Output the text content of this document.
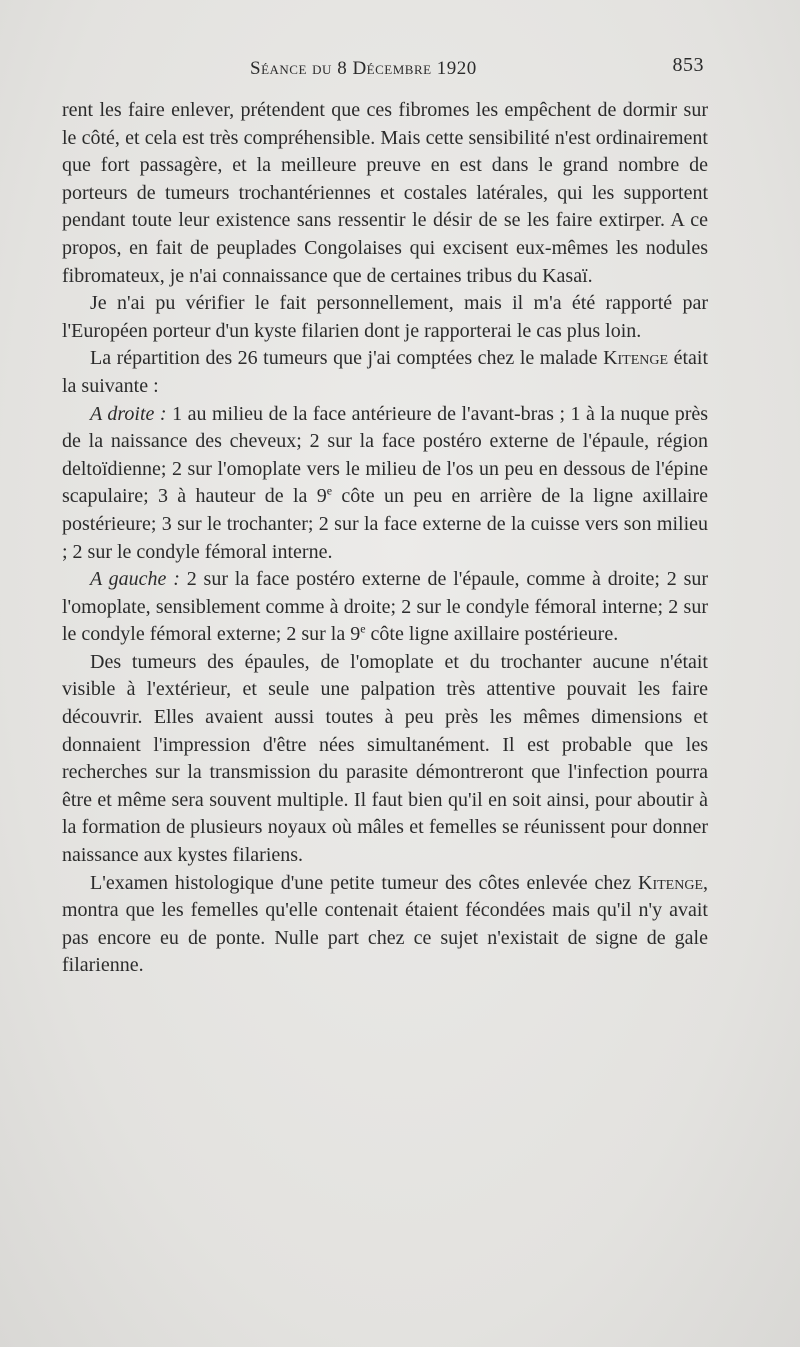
Séance du 8 Décembre 1920	853

rent les faire enlever, prétendent que ces fibromes les empêchent de dormir sur le côté, et cela est très compréhensible. Mais cette sensibilité n'est ordinairement que fort passagère, et la meilleure preuve en est dans le grand nombre de porteurs de tumeurs trochantériennes et costales latérales, qui les supportent pendant toute leur existence sans ressentir le désir de se les faire extirper. A ce propos, en fait de peuplades Congolaises qui excisent eux-mêmes les nodules fibromateux, je n'ai connaissance que de certaines tribus du Kasaï.

Je n'ai pu vérifier le fait personnellement, mais il m'a été rapporté par l'Européen porteur d'un kyste filarien dont je rapporterai le cas plus loin.

La répartition des 26 tumeurs que j'ai comptées chez le malade Kitenge était la suivante :

A droite : 1 au milieu de la face antérieure de l'avant-bras ; 1 à la nuque près de la naissance des cheveux; 2 sur la face postéro externe de l'épaule, région deltoïdienne; 2 sur l'omoplate vers le milieu de l'os un peu en dessous de l'épine scapulaire; 3 à hauteur de la 9e côte un peu en arrière de la ligne axillaire postérieure; 3 sur le trochanter; 2 sur la face externe de la cuisse vers son milieu ; 2 sur le condyle fémoral interne.

A gauche : 2 sur la face postéro externe de l'épaule, comme à droite; 2 sur l'omoplate, sensiblement comme à droite; 2 sur le condyle fémoral interne; 2 sur le condyle fémoral externe; 2 sur la 9e côte ligne axillaire postérieure.

Des tumeurs des épaules, de l'omoplate et du trochanter aucune n'était visible à l'extérieur, et seule une palpation très attentive pouvait les faire découvrir. Elles avaient aussi toutes à peu près les mêmes dimensions et donnaient l'impression d'être nées simultanément. Il est probable que les recherches sur la transmission du parasite démontreront que l'infection pourra être et même sera souvent multiple. Il faut bien qu'il en soit ainsi, pour aboutir à la formation de plusieurs noyaux où mâles et femelles se réunissent pour donner naissance aux kystes filariens.

L'examen histologique d'une petite tumeur des côtes enlevée chez Kitenge, montra que les femelles qu'elle contenait étaient fécondées mais qu'il n'y avait pas encore eu de ponte. Nulle part chez ce sujet n'existait de signe de gale filarienne.
